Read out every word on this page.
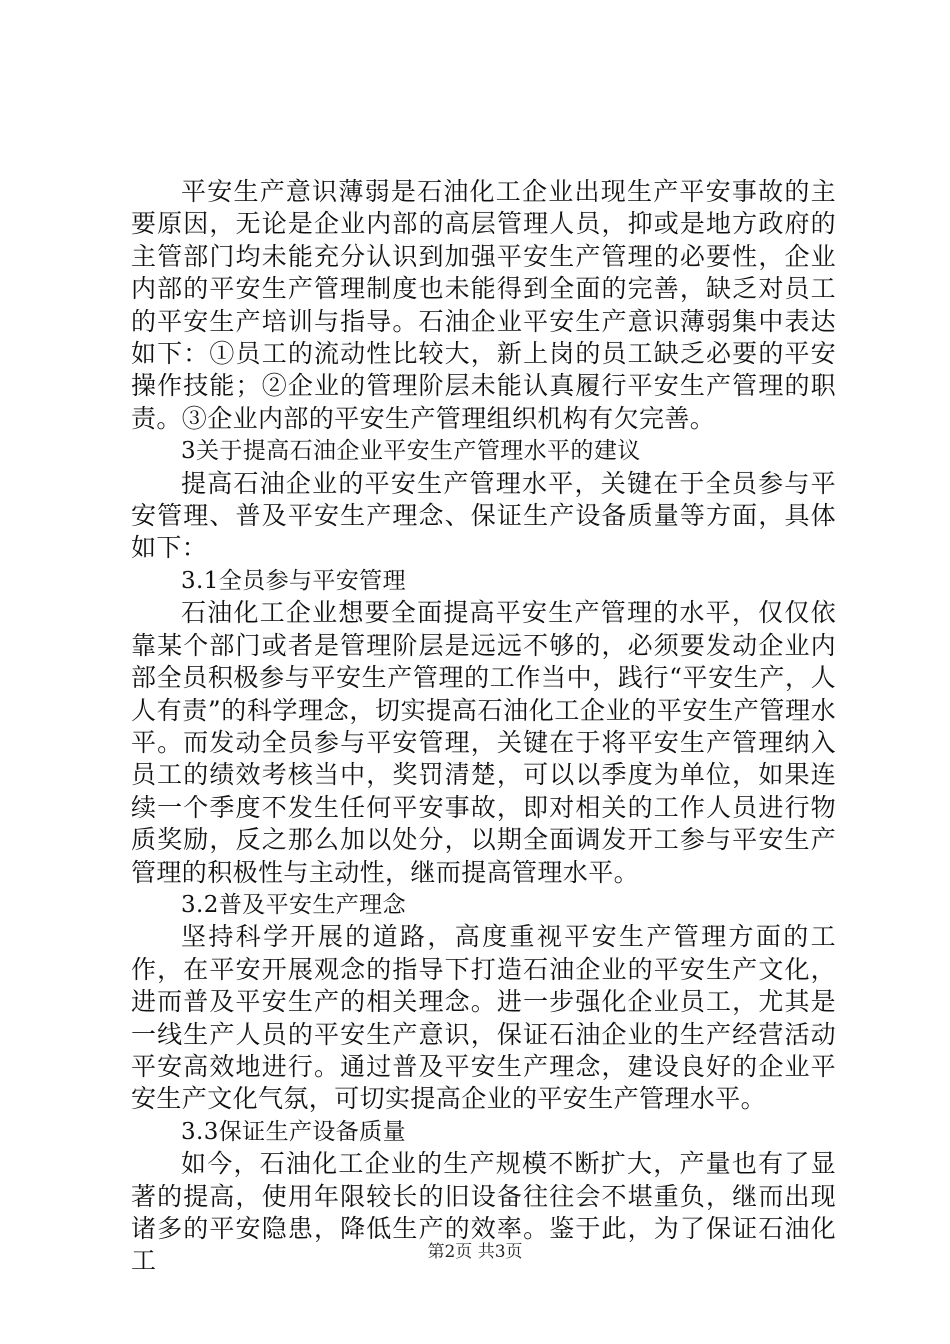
平安生产意识薄弱是石油化工企业出现生产平安事故的主要原因，无论是企业内部的高层管理人员，抑或是地方政府的主管部门均未能充分认识到加强平安生产管理的必要性，企业内部的平安生产管理制度也未能得到全面的完善，缺乏对员工的平安生产培训与指导。石油企业平安生产意识薄弱集中表达如下：①员工的流动性比较大，新上岗的员工缺乏必要的平安操作技能；②企业的管理阶层未能认真履行平安生产管理的职责。③企业内部的平安生产管理组织机构有欠完善。

3关于提高石油企业平安生产管理水平的建议

提高石油企业的平安生产管理水平，关键在于全员参与平安管理、普及平安生产理念、保证生产设备质量等方面，具体如下：

3.1全员参与平安管理

石油化工企业想要全面提高平安生产管理的水平，仅仅依靠某个部门或者是管理阶层是远远不够的，必须要发动企业内部全员积极参与平安生产管理的工作当中，践行“平安生产，人人有责”的科学理念，切实提高石油化工企业的平安生产管理水平。而发动全员参与平安管理，关键在于将平安生产管理纳入员工的绩效考核当中，奖罚清楚，可以以季度为单位，如果连续一个季度不发生任何平安事故，即对相关的工作人员进行物质奖励，反之那么加以处分，以期全面调发开工参与平安生产管理的积极性与主动性，继而提高管理水平。

3.2普及平安生产理念

坚持科学开展的道路，高度重视平安生产管理方面的工作，在平安开展观念的指导下打造石油企业的平安生产文化，进而普及平安生产的相关理念。进一步强化企业员工，尤其是一线生产人员的平安生产意识，保证石油企业的生产经营活动平安高效地进行。通过普及平安生产理念，建设良好的企业平安生产文化气氛，可切实提高企业的平安生产管理水平。

3.3保证生产设备质量

如今，石油化工企业的生产规模不断扩大，产量也有了显著的提高，使用年限较长的旧设备往往会不堪重负，继而出现诸多的平安隐患，降低生产的效率。鉴于此，为了保证石油化工	第2页 共3页
